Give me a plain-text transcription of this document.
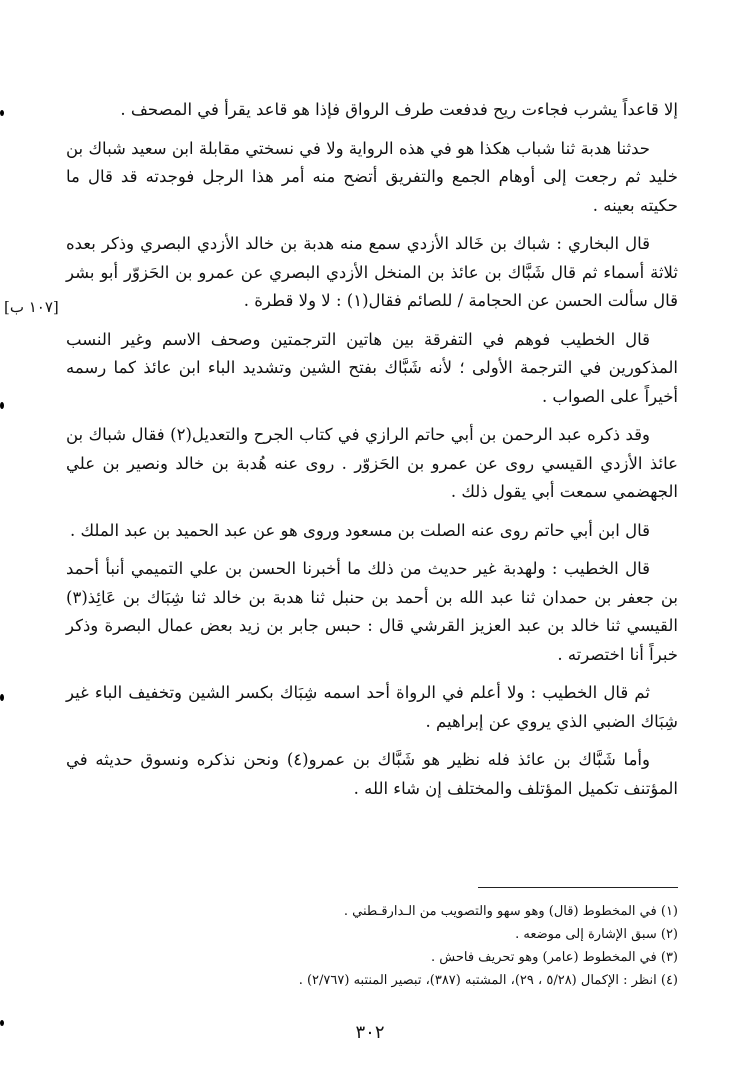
إلا قاعداً يشرب فجاءت ريح فدفعت طرف الرواق فإذا هو قاعد يقرأ في المصحف .

حدثنا هدبة ثنا شباب هكذا هو في هذه الرواية ولا في نسختي مقابلة ابن سعيد شباك بن خليد ثم رجعت إلى أوهام الجمع والتفريق أتضح منه أمر هذا الرجل فوجدته قد قال ما حكيته بعينه .

قال البخاري : شباك بن خَالد الأزدي سمع منه هدبة بن خالد الأزدي البصري وذكر بعده ثلاثة أسماء ثم قال شَبَّاك بن عائذ بن المنخل الأزدي البصري عن عمرو بن الحَزوّر أبو بشر قال سألت الحسن عن الحجامة / للصائم فقال(١) : لا ولا قطرة .

قال الخطيب فوهم في التفرقة بين هاتين الترجمتين وصحف الاسم وغير النسب المذكورين في الترجمة الأولى ؛ لأنه شَبَّاك بفتح الشين وتشديد الباء ابن عائذ كما رسمه أخيراً على الصواب .

وقد ذكره عبد الرحمن بن أبي حاتم الرازي في كتاب الجرح والتعديل(٢) فقال شباك بن عائذ الأزدي القيسي روى عن عمرو بن الحَزوّر . روى عنه هُدبة بن خالد ونصير بن علي الجهضمي سمعت أبي يقول ذلك .

قال ابن أبي حاتم روى عنه الصلت بن مسعود وروى هو عن عبد الحميد بن عبد الملك .

قال الخطيب : ولهدبة غير حديث من ذلك ما أخبرنا الحسن بن علي التميمي أنبأ أحمد بن جعفر بن حمدان ثنا عبد الله بن أحمد بن حنبل ثنا هدبة بن خالد ثنا شِبَاك بن عَائِذ(٣) القيسي ثنا خالد بن عبد العزيز القرشي قال : حبس جابر بن زيد بعض عمال البصرة وذكر خبراً أنا اختصرته .

ثم قال الخطيب : ولا أعلم في الرواة أحد اسمه شِبَاك بكسر الشين وتخفيف الباء غير شِبَاك الضبي الذي يروي عن إبراهيم .

وأما شَبَّاك بن عائذ فله نظير هو شَبَّاك بن عمرو(٤) ونحن نذكره ونسوق حديثه في المؤتنف تكميل المؤتلف والمختلف إن شاء الله .

[١٠٧ ب]

(١) في المخطوط (قال) وهو سهو والتصويب من الـدارقـطني .

(٢) سبق الإشارة إلى موضعه .

(٣) في المخطوط (عامر) وهو تحريف فاحش .

(٤) انظر : الإكمال (٥/٢٨ ، ٢٩)، المشتبه (٣٨٧)، تبصير المنتبه (٢/٧٦٧) .

٣٠٢
